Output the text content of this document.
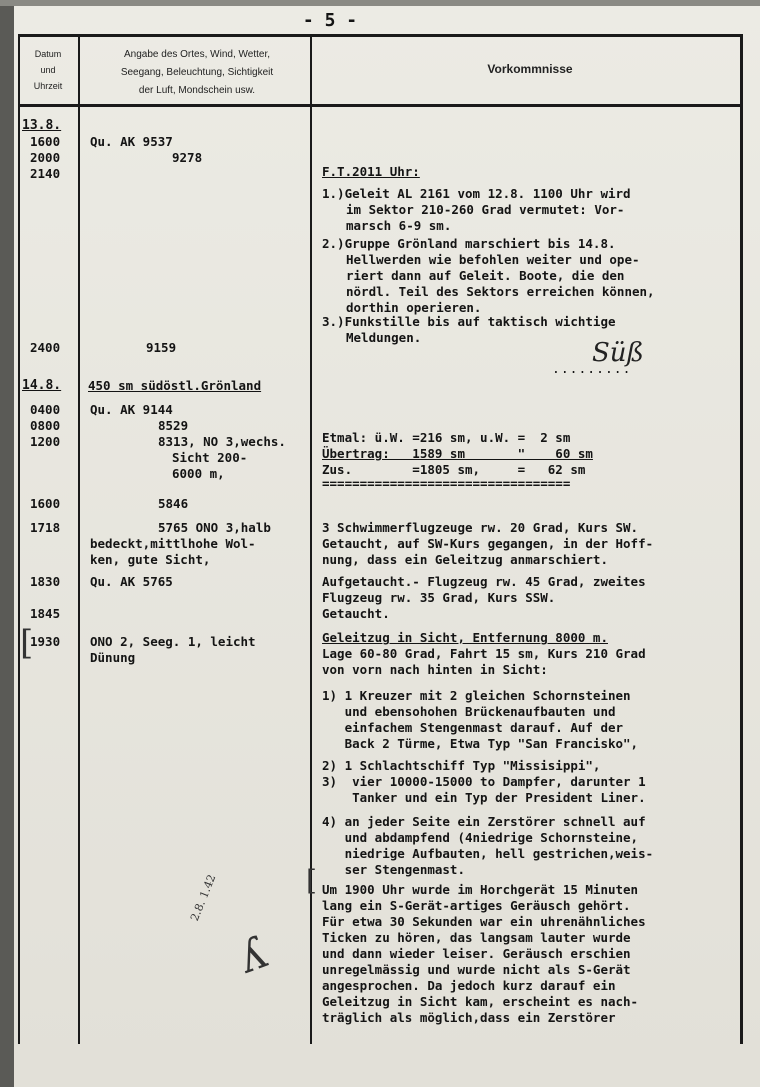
- 5 -
Datum
und
Uhrzeit
Angabe des Ortes, Wind, Wetter,
Seegang, Beleuchtung, Sichtigkeit
der Luft, Mondschein usw.
Vorkommnisse
13.8.
1600
2000
2140
2400
14.8.
0400
0800
1200
1600
1718
1830
1845
1930
[
Qu. AK 9537
9278
9159
450 sm südöstl.Grönland
Qu. AK 9144
8529
8313, NO 3,wechs.
Sicht 200-
6000 m,
5846
5765 ONO 3,halb
bedeckt,mittlhohe Wol-
ken, gute Sicht,
Qu. AK 5765
ONO 2, Seeg. 1, leicht
Dünung
F.T.2011 Uhr:
1.)Geleit AL 2161 vom 12.8. 1100 Uhr wird
im Sektor 210-260 Grad vermutet: Vor-
marsch 6-9 sm.
2.)Gruppe Grönland marschiert bis 14.8.
Hellwerden wie befohlen weiter und ope-
riert dann auf Geleit. Boote, die den
nördl. Teil des Sektors erreichen können,
dorthin operieren.
3.)Funkstille bis auf taktisch wichtige
Meldungen.
Süß
.........
Etmal: ü.W. =216 sm, u.W. =  2 sm
Übertrag:   1589 sm       "    60 sm
Zus.        =1805 sm,     =   62 sm
=================================
3 Schwimmerflugzeuge rw. 20 Grad, Kurs SW.
Getaucht, auf SW-Kurs gegangen, in der Hoff-
nung, dass ein Geleitzug anmarschiert.
Aufgetaucht.- Flugzeug rw. 45 Grad, zweites
Flugzeug rw. 35 Grad, Kurs SSW.
Getaucht.
Geleitzug in Sicht, Entfernung 8000 m.
Lage 60-80 Grad, Fahrt 15 sm, Kurs 210 Grad
von vorn nach hinten in Sicht:
1) 1 Kreuzer mit 2 gleichen Schornsteinen
und ebensohohen Brückenaufbauten und
einfachem Stengenmast darauf. Auf der
Back 2 Türme, Etwa Typ "San Francisko",
2) 1 Schlachtschiff Typ "Missisippi",
3)  vier 10000-15000 to Dampfer, darunter 1
Tanker und ein Typ der President Liner.
4) an jeder Seite ein Zerstörer schnell auf
und abdampfend (4niedrige Schornsteine,
niedrige Aufbauten, hell gestrichen,weis-
ser Stengenmast.
[ Um 1900 Uhr wurde im Horchgerät 15 Minuten
lang ein S-Gerät-artiges Geräusch gehört.
Für etwa 30 Sekunden war ein uhrenähnliches
Ticken zu hören, das langsam lauter wurde
und dann wieder leiser. Geräusch erschien
unregelmässig und wurde nicht als S-Gerät
angesprochen. Da jedoch kurz darauf ein
Geleitzug in Sicht kam, erscheint es nach-
träglich als möglich,dass ein Zerstörer
2.8. 1.42
ʎ
